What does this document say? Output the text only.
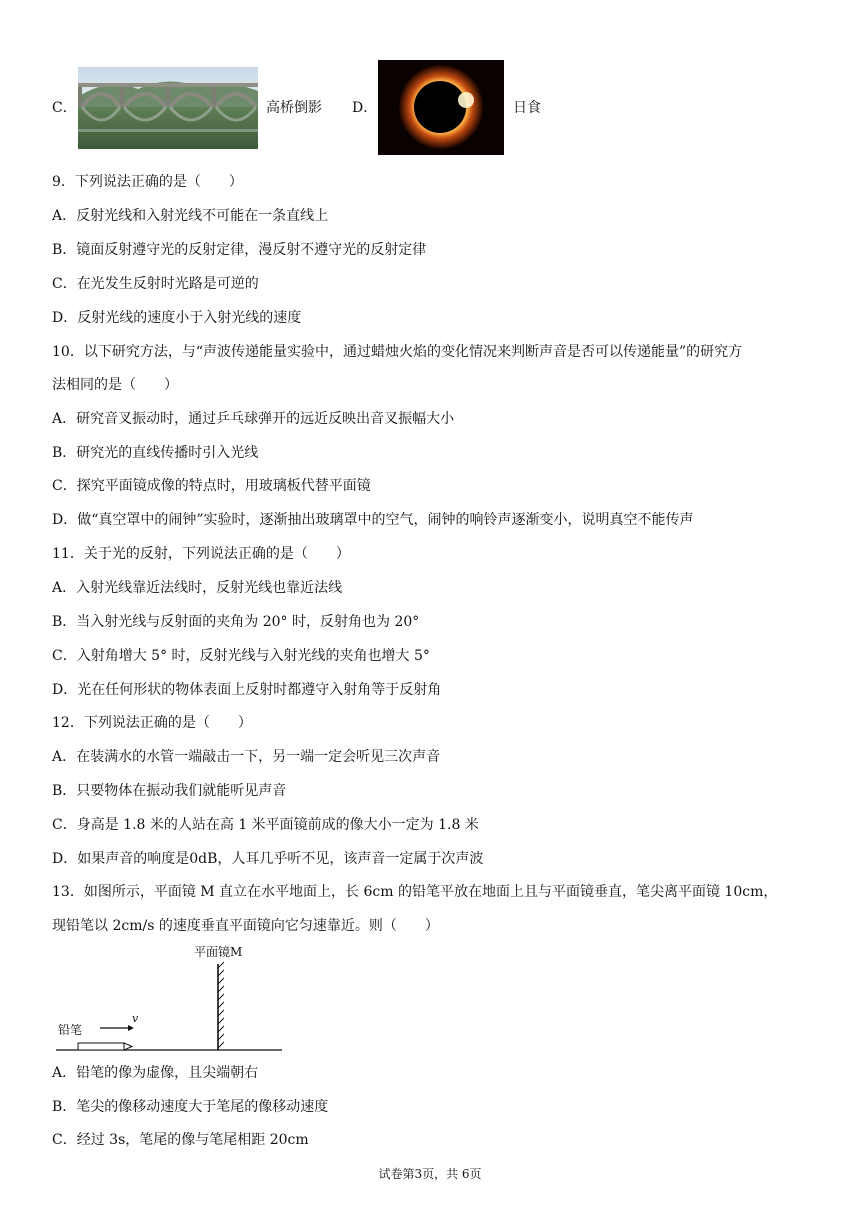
C．	高桥倒影 D．	日食
9．下列说法正确的是（　　）
A．反射光线和入射光线不可能在一条直线上
B．镜面反射遵守光的反射定律，漫反射不遵守光的反射定律
C．在光发生反射时光路是可逆的
D．反射光线的速度小于入射光线的速度
10．以下研究方法，与“声波传递能量实验中，通过蜡烛火焰的变化情况来判断声音是否可以传递能量”的研究方
法相同的是（　　）
A．研究音叉振动时，通过乒乓球弹开的远近反映出音叉振幅大小
B．研究光的直线传播时引入光线
C．探究平面镜成像的特点时，用玻璃板代替平面镜
D．做“真空罩中的闹钟”实验时，逐渐抽出玻璃罩中的空气，闹钟的响铃声逐渐变小，说明真空不能传声
11．关于光的反射，下列说法正确的是（　　）
A．入射光线靠近法线时，反射光线也靠近法线
B．当入射光线与反射面的夹角为 20° 时，反射角也为 20°
C．入射角增大 5° 时，反射光线与入射光线的夹角也增大 5°
D．光在任何形状的物体表面上反射时都遵守入射角等于反射角
12．下列说法正确的是（　　）
A．在装满水的水管一端敲击一下，另一端一定会听见三次声音
B．只要物体在振动我们就能听见声音
C．身高是 1.8 米的人站在高 1 米平面镜前成的像大小一定为 1.8 米
D．如果声音的响度是0dB，人耳几乎听不见，该声音一定属于次声波
13．如图所示，平面镜 M 直立在水平地面上，长 6cm 的铅笔平放在地面上且与平面镜垂直，笔尖离平面镜 10cm，
现铅笔以 2cm/s 的速度垂直平面镜向它匀速靠近。则（　　）
平面镜M
铅笔
v
A．铅笔的像为虚像，且尖端朝右
B．笔尖的像移动速度大于笔尾的像移动速度
C．经过 3s，笔尾的像与笔尾相距 20cm
试卷第3页，共 6页
